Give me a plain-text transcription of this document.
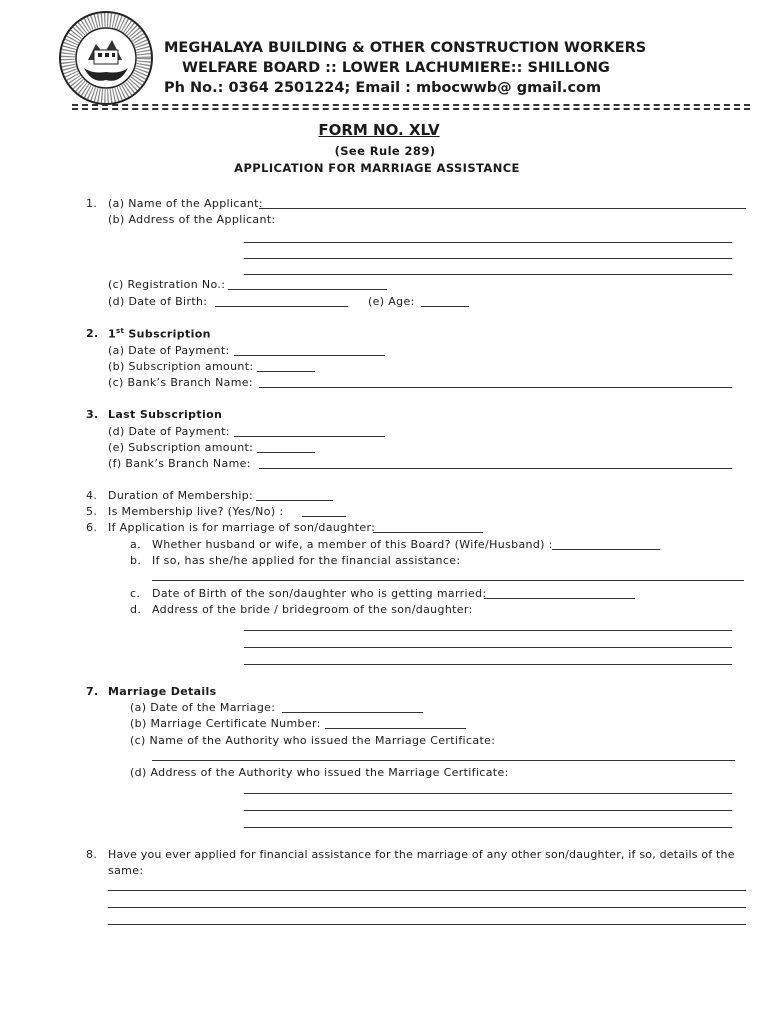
MEGHALAYA BUILDING & OTHER CONSTRUCTION WORKERS
WELFARE BOARD :: LOWER LACHUMIERE:: SHILLONG
Ph No.: 0364 2501224; Email : mbocwwb@ gmail.com
FORM NO. XLV
(See Rule 289)
APPLICATION FOR MARRIAGE ASSISTANCE
1. (a) Name of the Applicant:
(b) Address of the Applicant:
(c) Registration No.:
(d) Date of Birth:	(e) Age:
2. 1st Subscription
(a) Date of Payment:
(b) Subscription amount:
(c) Bank’s Branch Name:
3. Last Subscription
(d) Date of Payment:
(e) Subscription amount:
(f) Bank’s Branch Name:
4. Duration of Membership:
5. Is Membership live? (Yes/No) :
6. If Application is for marriage of son/daughter:
a. Whether husband or wife, a member of this Board? (Wife/Husband) :
b. If so, has she/he applied for the financial assistance:
c. Date of Birth of the son/daughter who is getting married:
d. Address of the bride / bridegroom of the son/daughter:
7. Marriage Details
(a) Date of the Marriage:
(b) Marriage Certificate Number:
(c) Name of the Authority who issued the Marriage Certificate:
(d) Address of the Authority who issued the Marriage Certificate:
8. Have you ever applied for financial assistance for the marriage of any other son/daughter, if so, details of the
same:
